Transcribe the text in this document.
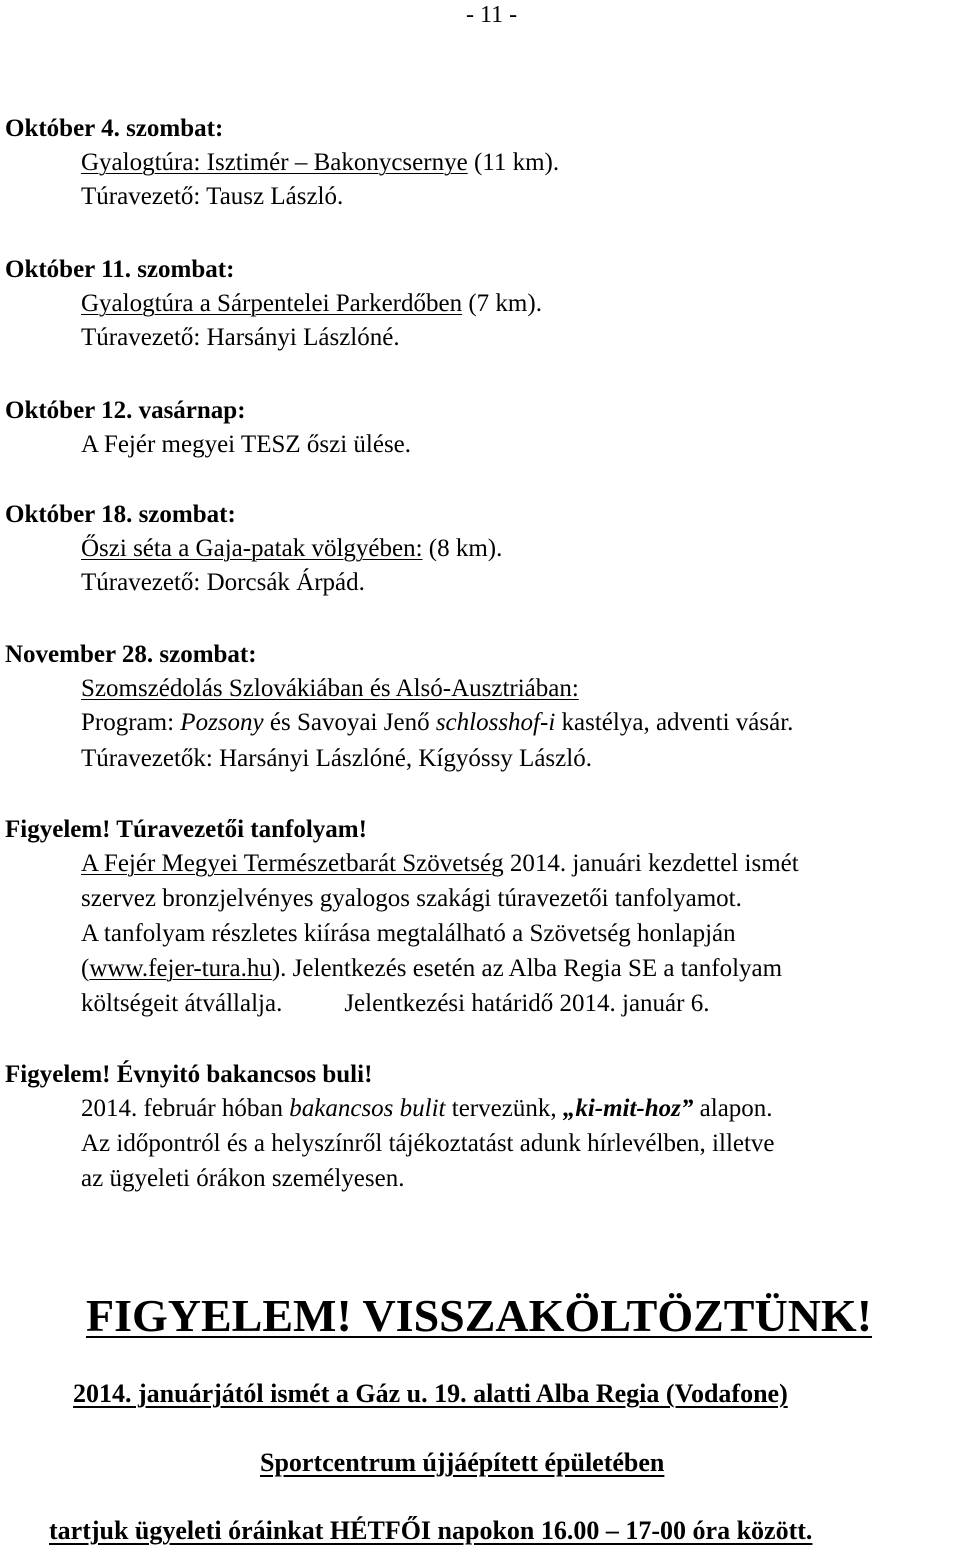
- 11 -
Október 4. szombat:
Gyalogtúra: Isztimér – Bakonycsernye (11 km).
Túravezető: Tausz László.
Október 11. szombat:
Gyalogtúra a Sárpentelei Parkerdőben (7 km).
Túravezető: Harsányi Lászlóné.
Október 12. vasárnap:
A Fejér megyei TESZ őszi ülése.
Október 18. szombat:
Őszi séta a Gaja-patak völgyében: (8 km).
Túravezető: Dorcsák Árpád.
November 28. szombat:
Szomszédolás Szlovákiában és Alsó-Ausztriában:
Program: Pozsony és Savoyai Jenő schlosshof-i kastélya, adventi vásár.
Túravezetők: Harsányi Lászlóné, Kígyóssy László.
Figyelem! Túravezetői tanfolyam!
A Fejér Megyei Természetbarát Szövetség 2014. januári kezdettel ismét
szervez bronzjelvényes gyalogos szakági túravezetői tanfolyamot.
A tanfolyam részletes kiírása megtalálható a Szövetség honlapján
(www.fejer-tura.hu). Jelentkezés esetén az Alba Regia SE a tanfolyam
költségeit átvállalja. Jelentkezési határidő 2014. január 6.
Figyelem! Évnyitó bakancsos buli!
2014. február hóban bakancsos bulit tervezünk, „ki-mit-hoz” alapon.
Az időpontról és a helyszínről tájékoztatást adunk hírlevélben, illetve
az ügyeleti órákon személyesen.
FIGYELEM! VISSZAKÖLTÖZTÜNK!
2014. januárjától ismét a Gáz u. 19. alatti Alba Regia (Vodafone)
Sportcentrum újjáépített épületében
tartjuk ügyeleti óráinkat HÉTFŐI napokon 16.00 – 17-00 óra között.
